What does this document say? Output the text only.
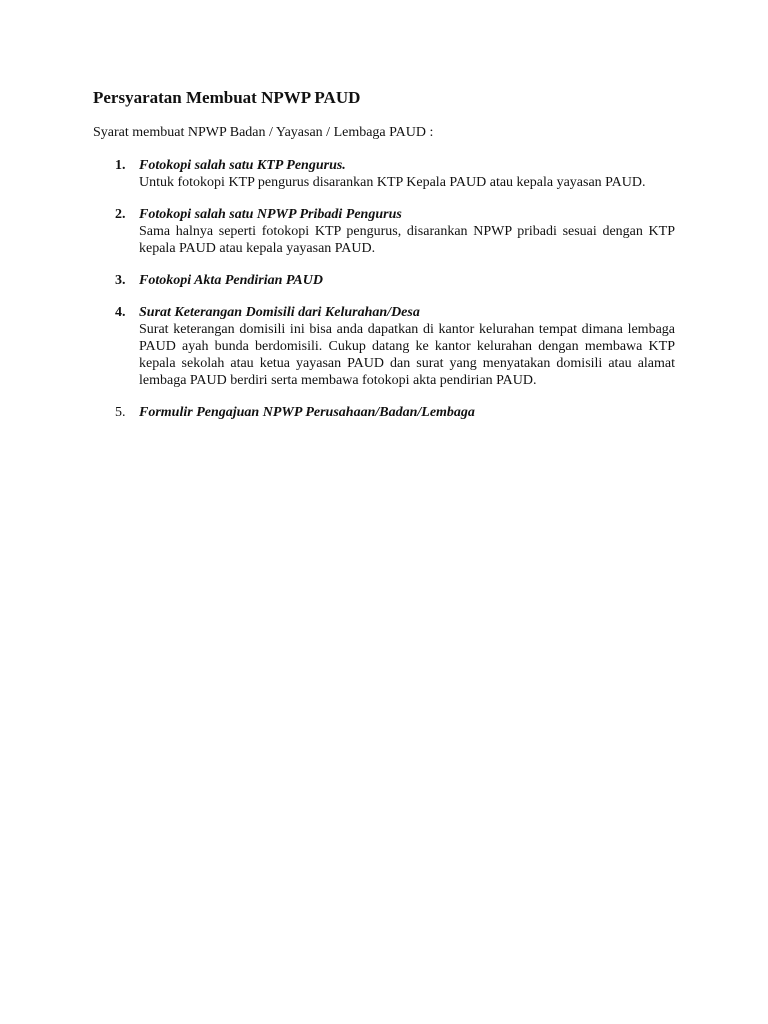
Persyaratan Membuat NPWP PAUD

Syarat membuat NPWP Badan / Yayasan / Lembaga PAUD :

1. Fotokopi salah satu KTP Pengurus.

Untuk fotokopi KTP pengurus disarankan KTP Kepala PAUD atau kepala yayasan PAUD.

2. Fotokopi salah satu NPWP Pribadi Pengurus

Sama halnya seperti fotokopi KTP pengurus, disarankan NPWP pribadi sesuai dengan KTP kepala PAUD atau kepala yayasan PAUD.

3. Fotokopi Akta Pendirian PAUD
4. Surat Keterangan Domisili dari Kelurahan/Desa

Surat keterangan domisili ini bisa anda dapatkan di kantor kelurahan tempat dimana lembaga PAUD ayah bunda berdomisili. Cukup datang ke kantor kelurahan dengan membawa KTP kepala sekolah atau ketua yayasan PAUD dan surat yang menyatakan domisili atau alamat lembaga PAUD berdiri serta membawa fotokopi akta pendirian PAUD.

5. Formulir Pengajuan NPWP Perusahaan/Badan/Lembaga
